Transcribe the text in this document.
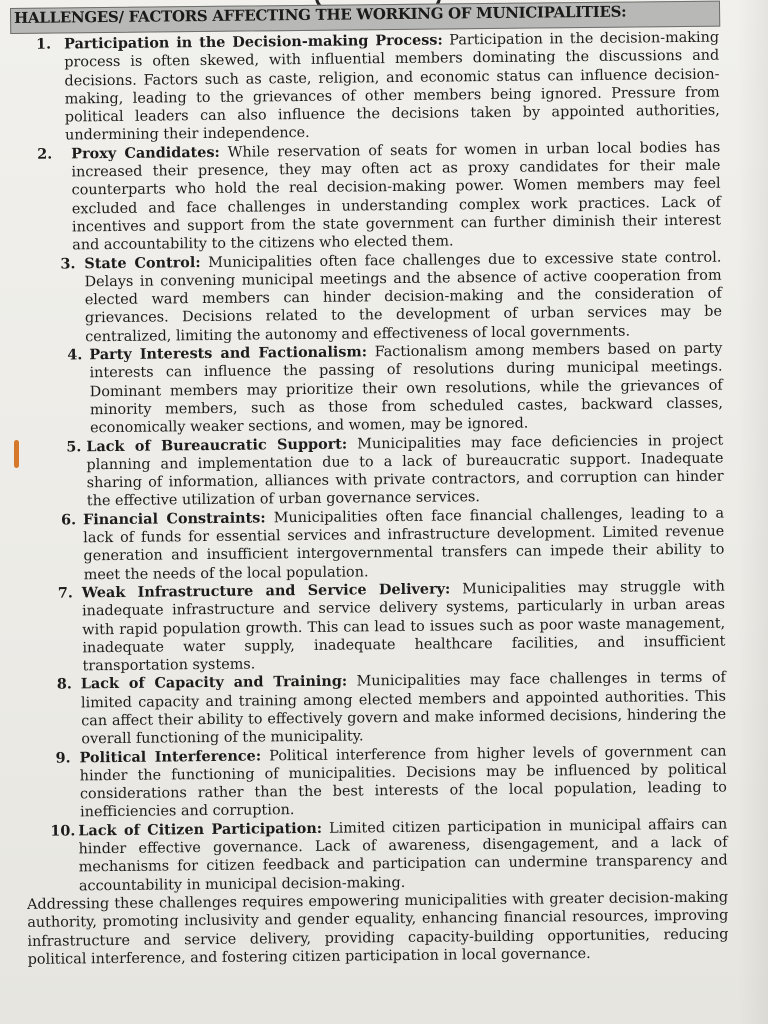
HALLENGES/ FACTORS AFFECTING THE WORKING OF MUNICIPALITIES:
1. Participation in the Decision-making Process: Participation in the decision-making process is often skewed, with influential members dominating the discussions and decisions. Factors such as caste, religion, and economic status can influence decision-making, leading to the grievances of other members being ignored. Pressure from political leaders can also influence the decisions taken by appointed authorities, undermining their independence.

2. Proxy Candidates: While reservation of seats for women in urban local bodies has increased their presence, they may often act as proxy candidates for their male counterparts who hold the real decision-making power. Women members may feel excluded and face challenges in understanding complex work practices. Lack of incentives and support from the state government can further diminish their interest and accountability to the citizens who elected them.

3. State Control: Municipalities often face challenges due to excessive state control. Delays in convening municipal meetings and the absence of active cooperation from elected ward members can hinder decision-making and the consideration of grievances. Decisions related to the development of urban services may be centralized, limiting the autonomy and effectiveness of local governments.

4. Party Interests and Factionalism: Factionalism among members based on party interests can influence the passing of resolutions during municipal meetings. Dominant members may prioritize their own resolutions, while the grievances of minority members, such as those from scheduled castes, backward classes, economically weaker sections, and women, may be ignored.

5. Lack of Bureaucratic Support: Municipalities may face deficiencies in project planning and implementation due to a lack of bureaucratic support. Inadequate sharing of information, alliances with private contractors, and corruption can hinder the effective utilization of urban governance services.

6. Financial Constraints: Municipalities often face financial challenges, leading to a lack of funds for essential services and infrastructure development. Limited revenue generation and insufficient intergovernmental transfers can impede their ability to meet the needs of the local population.

7. Weak Infrastructure and Service Delivery: Municipalities may struggle with inadequate infrastructure and service delivery systems, particularly in urban areas with rapid population growth. This can lead to issues such as poor waste management, inadequate water supply, inadequate healthcare facilities, and insufficient transportation systems.

8. Lack of Capacity and Training: Municipalities may face challenges in terms of limited capacity and training among elected members and appointed authorities. This can affect their ability to effectively govern and make informed decisions, hindering the overall functioning of the municipality.

9. Political Interference: Political interference from higher levels of government can hinder the functioning of municipalities. Decisions may be influenced by political considerations rather than the best interests of the local population, leading to inefficiencies and corruption.

10. Lack of Citizen Participation: Limited citizen participation in municipal affairs can hinder effective governance. Lack of awareness, disengagement, and a lack of mechanisms for citizen feedback and participation can undermine transparency and accountability in municipal decision-making.

Addressing these challenges requires empowering municipalities with greater decision-making authority, promoting inclusivity and gender equality, enhancing financial resources, improving infrastructure and service delivery, providing capacity-building opportunities, reducing political interference, and fostering citizen participation in local governance.
